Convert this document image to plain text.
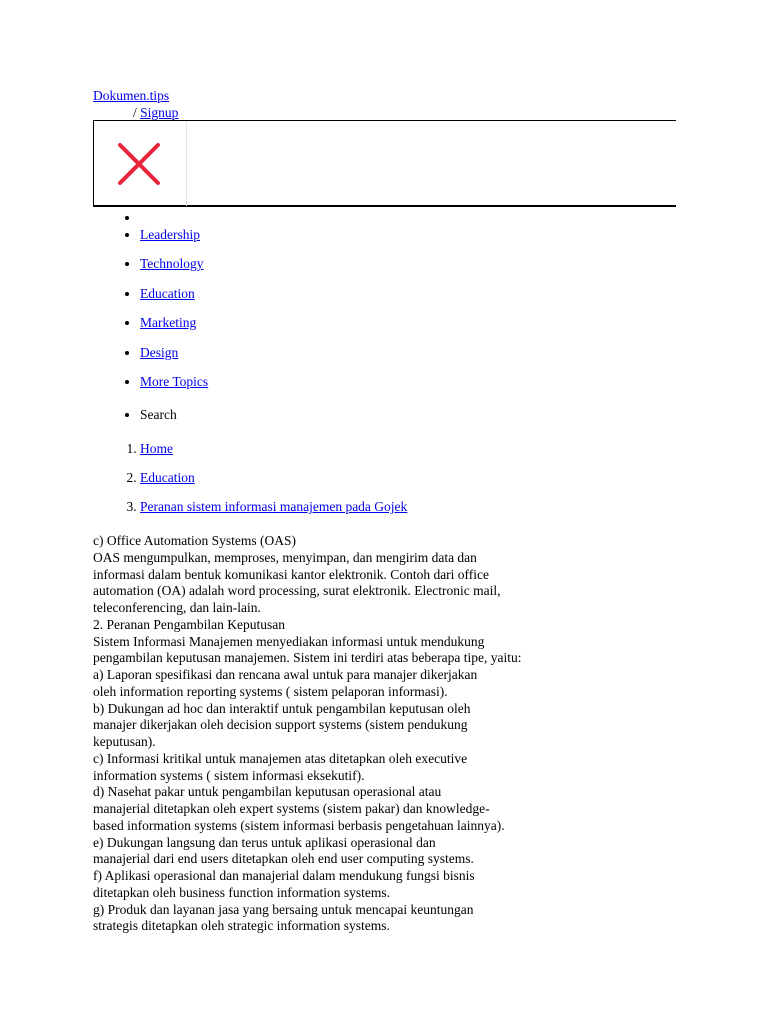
Dokumen.tips
/ Signup
•
• Leadership
• Technology
• Education
• Marketing
• Design
• More Topics
• Search
1. Home
2. Education
3. Peranan sistem informasi manajemen pada Gojek

c) Office Automation Systems (OAS)
OAS mengumpulkan, memproses, menyimpan, dan mengirim data dan
informasi dalam bentuk komunikasi kantor elektronik. Contoh dari office
automation (OA) adalah word processing, surat elektronik. Electronic mail,
teleconferencing, dan lain-lain.
2. Peranan Pengambilan Keputusan
Sistem Informasi Manajemen menyediakan informasi untuk mendukung
pengambilan keputusan manajemen. Sistem ini terdiri atas beberapa tipe, yaitu:
a) Laporan spesifikasi dan rencana awal untuk para manajer dikerjakan
oleh information reporting systems ( sistem pelaporan informasi).
b) Dukungan ad hoc dan interaktif untuk pengambilan keputusan oleh
manajer dikerjakan oleh decision support systems (sistem pendukung
keputusan).
c) Informasi kritikal untuk manajemen atas ditetapkan oleh executive
information systems ( sistem informasi eksekutif).
d) Nasehat pakar untuk pengambilan keputusan operasional atau
manajerial ditetapkan oleh expert systems (sistem pakar) dan knowledge-
based information systems (sistem informasi berbasis pengetahuan lainnya).
e) Dukungan langsung dan terus untuk aplikasi operasional dan
manajerial dari end users ditetapkan oleh end user computing systems.
f) Aplikasi operasional dan manajerial dalam mendukung fungsi bisnis
ditetapkan oleh business function information systems.
g) Produk dan layanan jasa yang bersaing untuk mencapai keuntungan
strategis ditetapkan oleh strategic information systems.
